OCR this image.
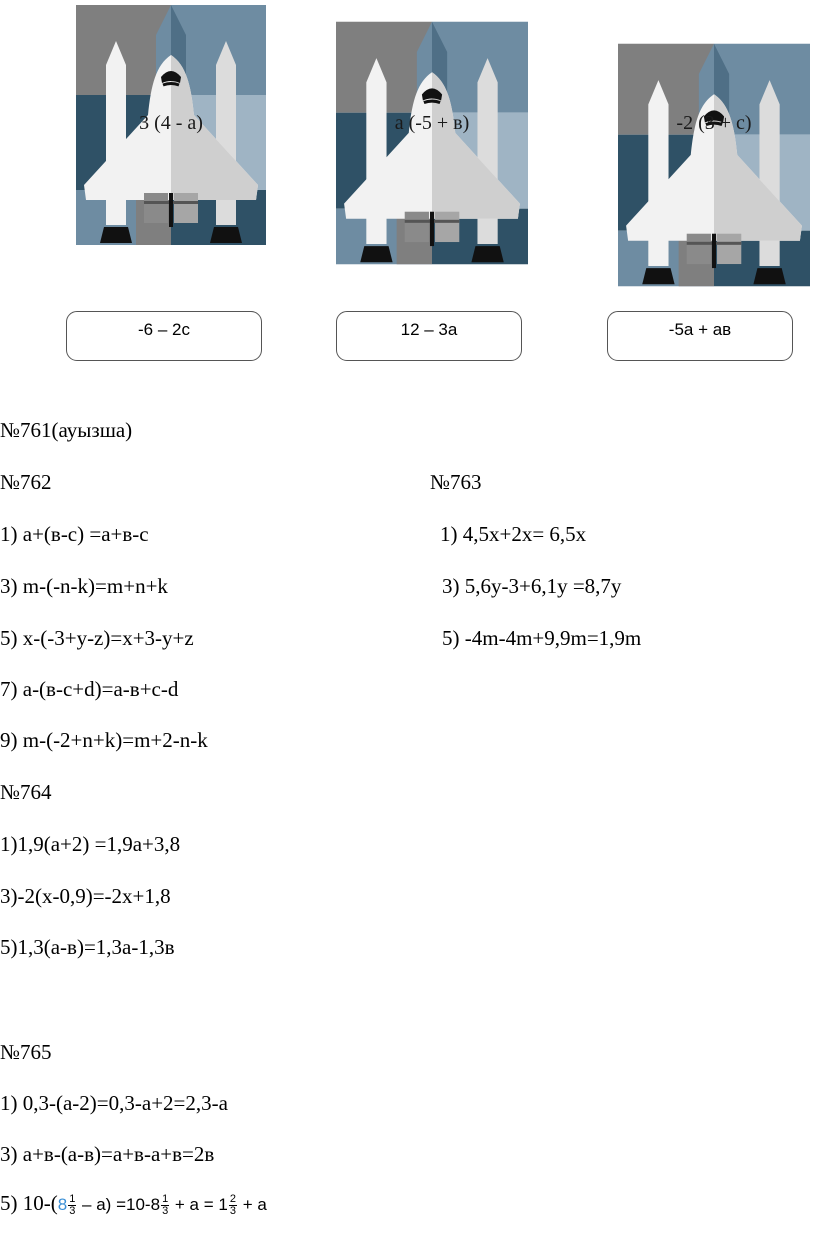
3 (4 - а)	а (-5 + в)	-2 (3 + с)
-6 – 2с	12 – 3а	-5а + ав
№761(ауызша)
№762	№763
1) а+(в-с) =а+в-с	1) 4,5х+2х= 6,5х
3) m-(-n-k)=m+n+k	3) 5,6у-3+6,1у =8,7у
5) x-(-3+у-z)=x+3-у+z	5) -4m-4m+9,9m=1,9m
7) а-(в-с+d)=а-в+с-d
9) m-(-2+n+k)=m+2-n-k
№764
1)1,9(а+2) =1,9а+3,8
3)-2(х-0,9)=-2х+1,8
5)1,3(а-в)=1,3а-1,3в
№765
1) 0,3-(а-2)=0,3-а+2=2,3-а
3) а+в-(а-в)=а+в-а+в=2в
5) $10-(8 \frac{1}{3} - а) =10-8 \frac{1}{3} + а = 1 \frac{2}{3} + а$
